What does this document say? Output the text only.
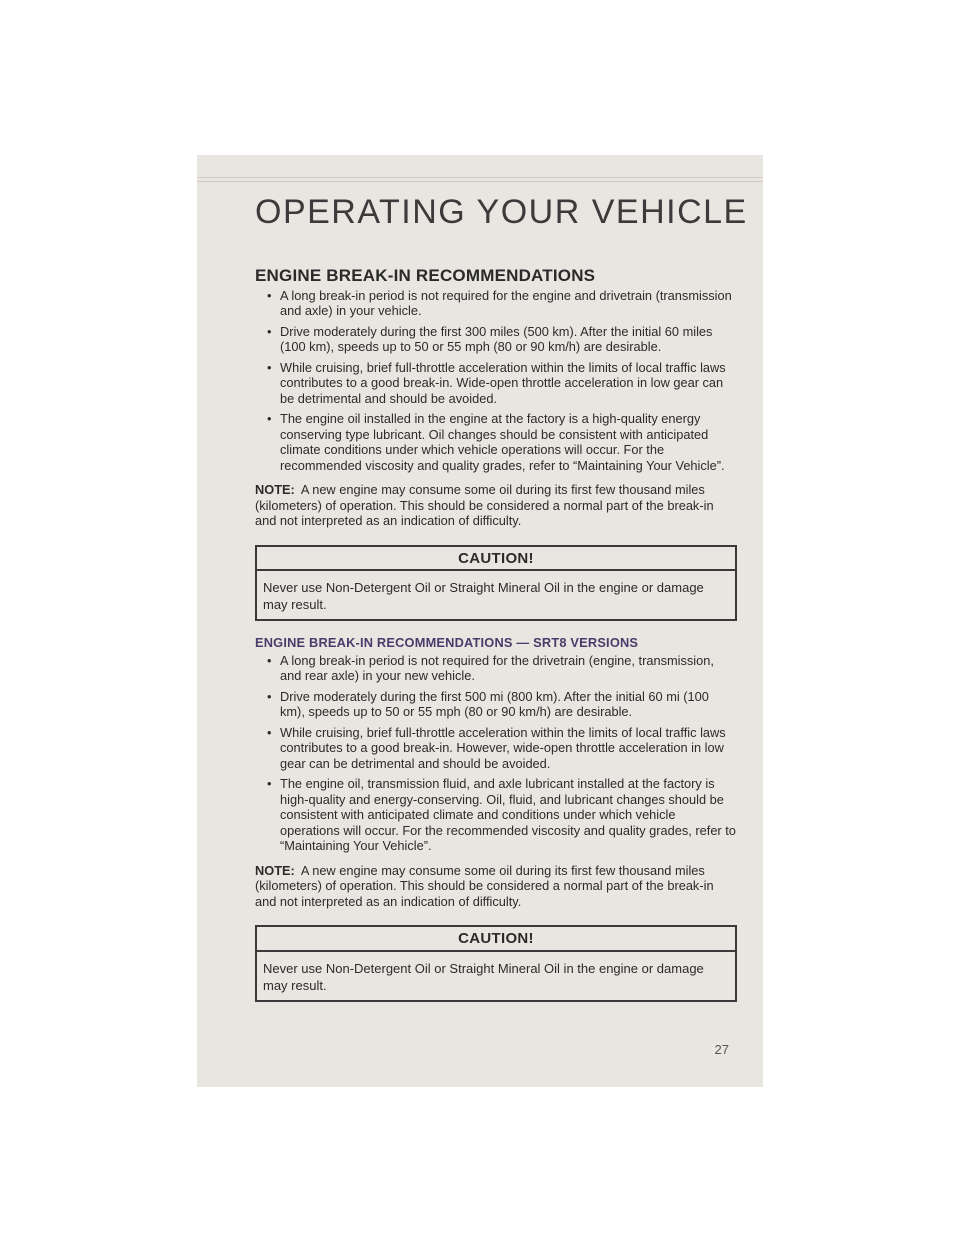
OPERATING YOUR VEHICLE
ENGINE BREAK-IN RECOMMENDATIONS
• A long break-in period is not required for the engine and drivetrain (transmission and axle) in your vehicle.
• Drive moderately during the first 300 miles (500 km). After the initial 60 miles (100 km), speeds up to 50 or 55 mph (80 or 90 km/h) are desirable.
• While cruising, brief full-throttle acceleration within the limits of local traffic laws contributes to a good break-in. Wide-open throttle acceleration in low gear can be detrimental and should be avoided.
• The engine oil installed in the engine at the factory is a high-quality energy conserving type lubricant. Oil changes should be consistent with anticipated climate conditions under which vehicle operations will occur. For the recommended viscosity and quality grades, refer to “Maintaining Your Vehicle”.

NOTE: A new engine may consume some oil during its first few thousand miles (kilometers) of operation. This should be considered a normal part of the break-in and not interpreted as an indication of difficulty.

CAUTION!
Never use Non-Detergent Oil or Straight Mineral Oil in the engine or damage may result.
ENGINE BREAK-IN RECOMMENDATIONS — SRT8 VERSIONS
• A long break-in period is not required for the drivetrain (engine, transmission, and rear axle) in your new vehicle.
• Drive moderately during the first 500 mi (800 km). After the initial 60 mi (100 km), speeds up to 50 or 55 mph (80 or 90 km/h) are desirable.
• While cruising, brief full-throttle acceleration within the limits of local traffic laws contributes to a good break-in. However, wide-open throttle acceleration in low gear can be detrimental and should be avoided.
• The engine oil, transmission fluid, and axle lubricant installed at the factory is high-quality and energy-conserving. Oil, fluid, and lubricant changes should be consistent with anticipated climate and conditions under which vehicle operations will occur. For the recommended viscosity and quality grades, refer to “Maintaining Your Vehicle”.

NOTE: A new engine may consume some oil during its first few thousand miles (kilometers) of operation. This should be considered a normal part of the break-in and not interpreted as an indication of difficulty.

CAUTION!
Never use Non-Detergent Oil or Straight Mineral Oil in the engine or damage may result.
27
